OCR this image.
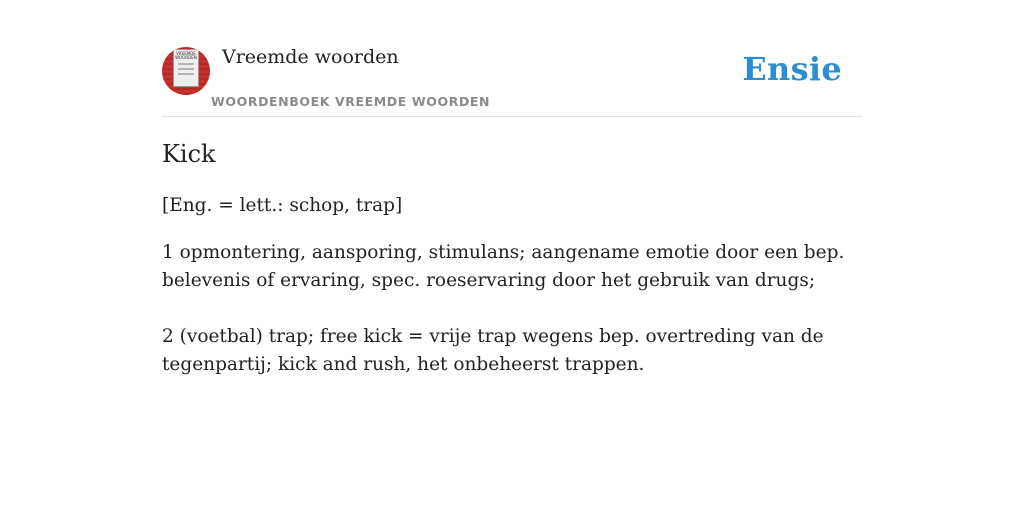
VREEMDE WOORDEN Vreemde woorden
WOORDENBOEK VREEMDE WOORDEN
Ensie
Kick
[Eng. = lett.: schop, trap]
1 opmontering, aansporing, stimulans; aangename emotie door een bep. belevenis of ervaring, spec. roeservaring door het gebruik van drugs;
2 (voetbal) trap; free kick = vrije trap wegens bep. overtreding van de tegenpartij; kick and rush, het onbeheerst trappen.
